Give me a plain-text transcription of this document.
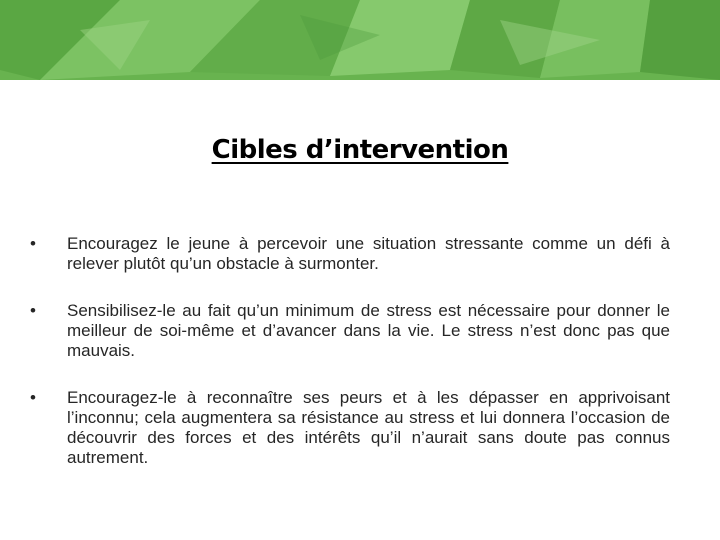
Cibles d’intervention
•	Encouragez le jeune à percevoir une situation stressante comme un défi à relever plutôt qu’un obstacle à surmonter.
•	Sensibilisez-le au fait qu’un minimum de stress est nécessaire pour donner le meilleur de soi-même et d’avancer dans la vie. Le stress n’est donc pas que mauvais.
•	Encouragez-le à reconnaître ses peurs et à les dépasser en apprivoisant l’inconnu; cela augmentera sa résistance au stress et lui donnera l’occasion de découvrir des forces et des intérêts qu’il n’aurait sans doute pas connus autrement.
